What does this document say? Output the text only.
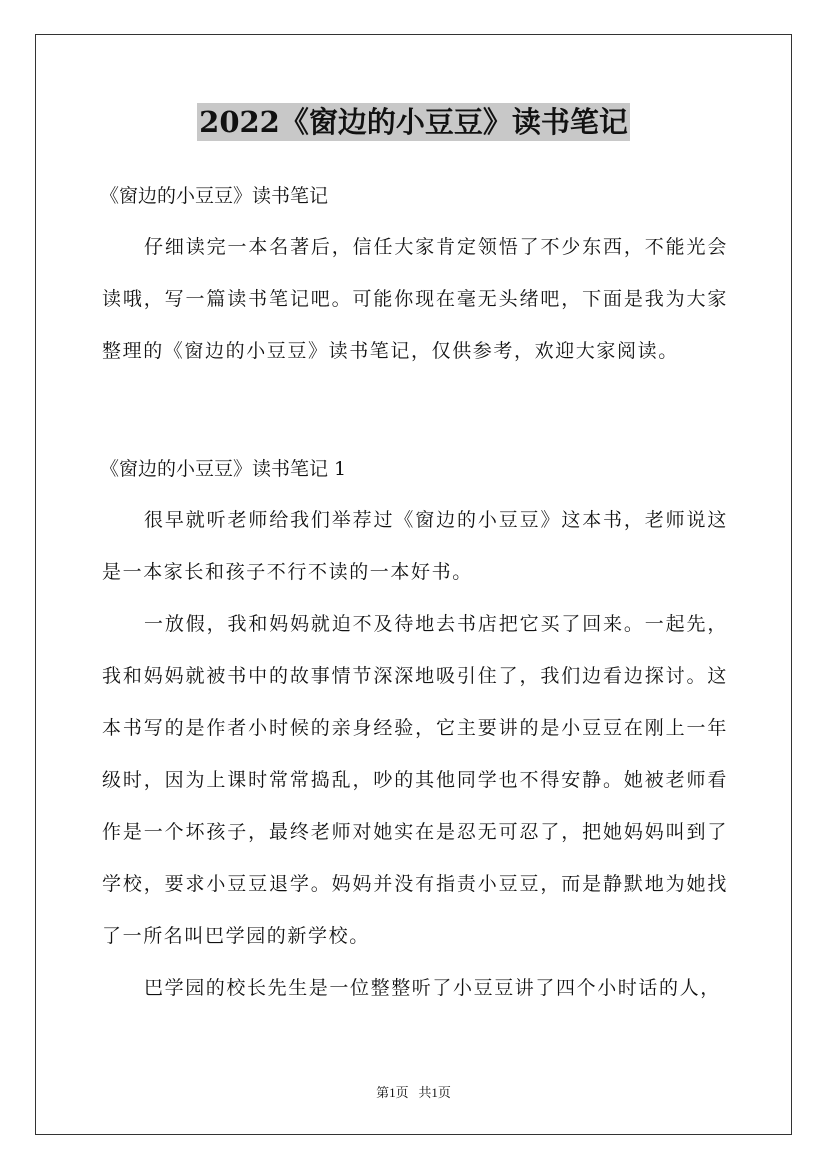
2022《窗边的小豆豆》读书笔记
《窗边的小豆豆》读书笔记

仔细读完一本名著后，信任大家肯定领悟了不少东西，不能光会读哦，写一篇读书笔记吧。可能你现在毫无头绪吧，下面是我为大家整理的《窗边的小豆豆》读书笔记，仅供参考，欢迎大家阅读。

《窗边的小豆豆》读书笔记 1

很早就听老师给我们举荐过《窗边的小豆豆》这本书，老师说这是一本家长和孩子不行不读的一本好书。

一放假，我和妈妈就迫不及待地去书店把它买了回来。一起先，我和妈妈就被书中的故事情节深深地吸引住了，我们边看边探讨。这本书写的是作者小时候的亲身经验，它主要讲的是小豆豆在刚上一年级时，因为上课时常常捣乱，吵的其他同学也不得安静。她被老师看作是一个坏孩子，最终老师对她实在是忍无可忍了，把她妈妈叫到了学校，要求小豆豆退学。妈妈并没有指责小豆豆，而是静默地为她找了一所名叫巴学园的新学校。

巴学园的校长先生是一位整整听了小豆豆讲了四个小时话的人，

第1页   共1页
